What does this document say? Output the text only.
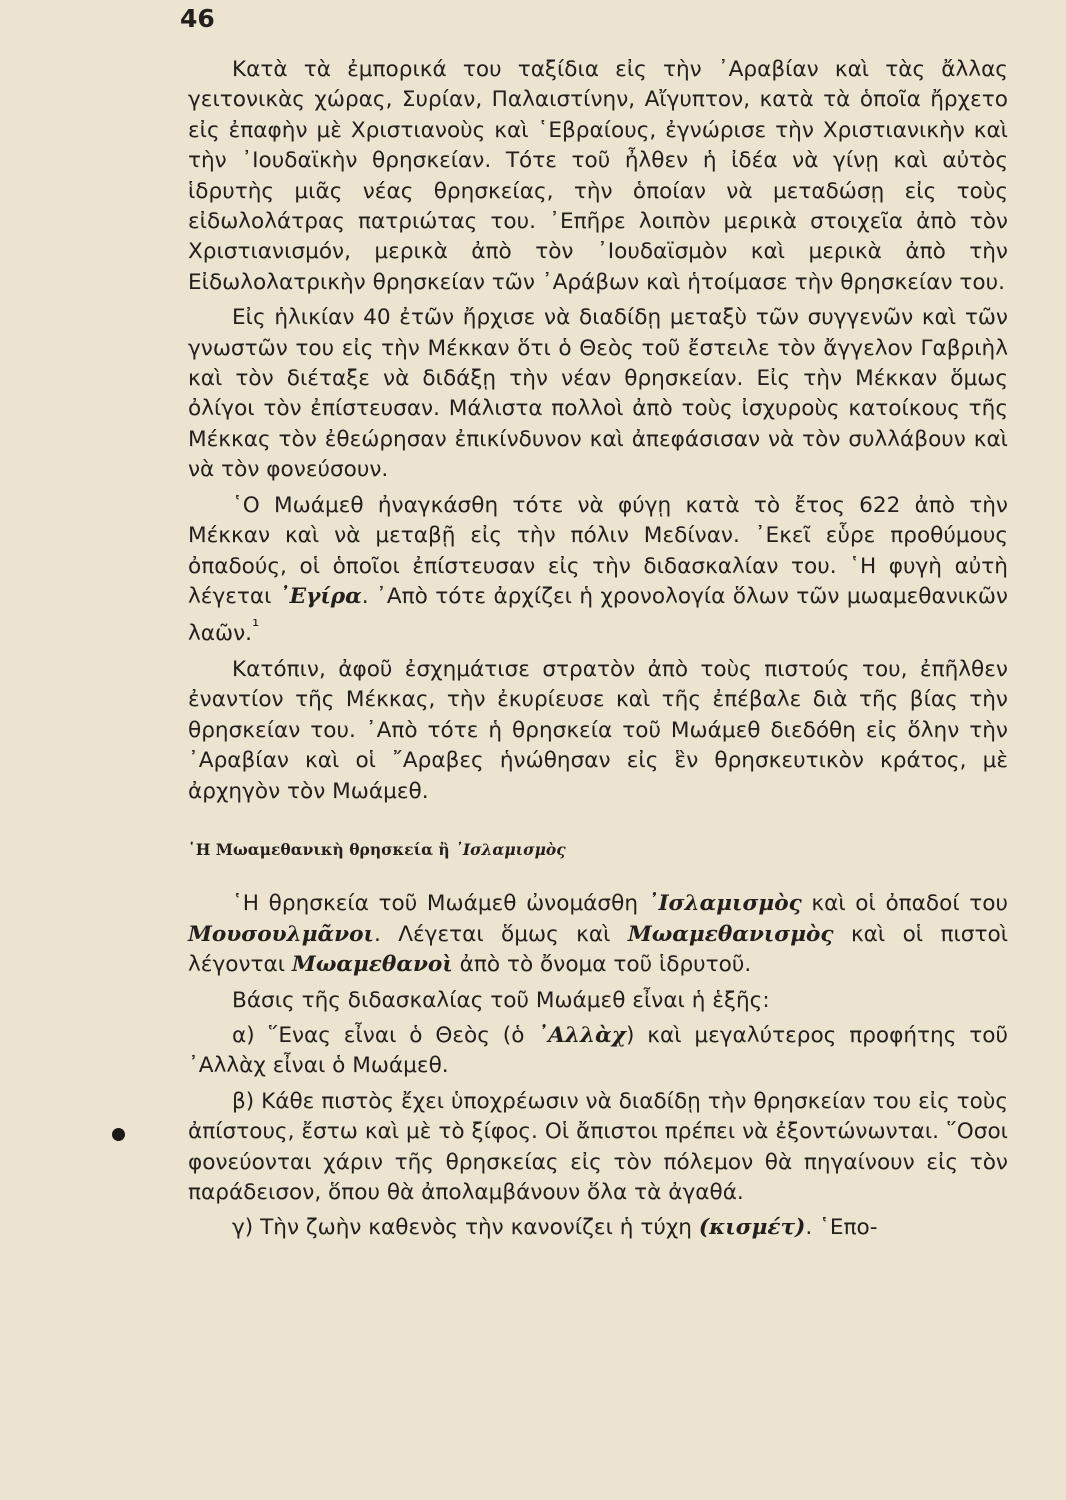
46

Κατὰ τὰ ἐμπορικά του ταξίδια εἰς τὴν ᾿Αραβίαν καὶ τὰς ἄλλας γειτονικὰς χώρας, Συρίαν, Παλαιστίνην, Αἴγυπτον, κατὰ τὰ ὁποῖα ἤρχετο εἰς ἐπαφὴν μὲ Χριστιανοὺς καὶ ῾Εβραίους, ἐγνώρισε τὴν Χριστιανικὴν καὶ τὴν ᾿Ιουδαϊκὴν θρησκείαν. Τότε τοῦ ἦλθεν ἡ ἰδέα νὰ γίνῃ καὶ αὐτὸς ἱδρυτὴς μιᾶς νέας θρησκείας, τὴν ὁποίαν νὰ μεταδώσῃ εἰς τοὺς εἰδωλολάτρας πατριώτας του. ᾿Επῆρε λοιπὸν μερικὰ στοιχεῖα ἀπὸ τὸν Χριστιανισμόν, μερικὰ ἀπὸ τὸν ᾿Ιουδαϊσμὸν καὶ μερικὰ ἀπὸ τὴν Εἰδωλολατρικὴν θρησκείαν τῶν ᾿Αράβων καὶ ἡτοίμασε τὴν θρησκείαν του.

Εἰς ἡλικίαν 40 ἐτῶν ἤρχισε νὰ διαδίδῃ μεταξὺ τῶν συγγενῶν καὶ τῶν γνωστῶν του εἰς τὴν Μέκκαν ὅτι ὁ Θεὸς τοῦ ἔστειλε τὸν ἄγγελον Γαβριὴλ καὶ τὸν διέταξε νὰ διδάξῃ τὴν νέαν θρησκείαν. Εἰς τὴν Μέκκαν ὅμως ὀλίγοι τὸν ἐπίστευσαν. Μάλιστα πολλοὶ ἀπὸ τοὺς ἰσχυροὺς κατοίκους τῆς Μέκκας τὸν ἐθεώρησαν ἐπικίνδυνον καὶ ἀπεφάσισαν νὰ τὸν συλλάβουν καὶ νὰ τὸν φονεύσουν.

῾Ο Μωάμεθ ἠναγκάσθη τότε νὰ φύγῃ κατὰ τὸ ἔτος 622 ἀπὸ τὴν Μέκκαν καὶ νὰ μεταβῇ εἰς τὴν πόλιν Μεδίναν. ᾿Εκεῖ εὗρε προθύμους ὀπαδούς, οἱ ὁποῖοι ἐπίστευσαν εἰς τὴν διδασκαλίαν του. ῾Η φυγὴ αὐτὴ λέγεται ᾿Εγίρα. ᾿Απὸ τότε ἀρχίζει ἡ χρονολογία ὅλων τῶν μωαμεθανικῶν λαῶν.$^{^1}$

Κατόπιν, ἀφοῦ ἐσχημάτισε στρατὸν ἀπὸ τοὺς πιστούς του, ἐπῆλθεν ἐναντίον τῆς Μέκκας, τὴν ἐκυρίευσε καὶ τῆς ἐπέβαλε διὰ τῆς βίας τὴν θρησκείαν του. ᾿Απὸ τότε ἡ θρησκεία τοῦ Μωάμεθ διεδόθη εἰς ὅλην τὴν ᾿Αραβίαν καὶ οἱ ῎Αραβες ἡνώθησαν εἰς ἓν θρησκευτικὸν κράτος, μὲ ἀρχηγὸν τὸν Μωάμεθ.

῾Η Μωαμεθανικὴ θρησκεία ἢ ᾿Ισλαμισμὸς

῾Η θρησκεία τοῦ Μωάμεθ ὠνομάσθη ᾿Ισλαμισμὸς καὶ οἱ ὀπαδοί του Μουσουλμᾶνοι. Λέγεται ὅμως καὶ Μωαμεθανισμὸς καὶ οἱ πιστοὶ λέγονται Μωαμεθανοὶ ἀπὸ τὸ ὄνομα τοῦ ἱδρυτοῦ.

Βάσις τῆς διδασκαλίας τοῦ Μωάμεθ εἶναι ἡ ἑξῆς:

α) ῞Ενας εἶναι ὁ Θεὸς (ὁ ᾿Αλλὰχ) καὶ μεγαλύτερος προφήτης τοῦ ᾿Αλλὰχ εἶναι ὁ Μωάμεθ.

β) Κάθε πιστὸς ἔχει ὑποχρέωσιν νὰ διαδίδῃ τὴν θρησκείαν του εἰς τοὺς ἀπίστους, ἔστω καὶ μὲ τὸ ξίφος. Οἱ ἄπιστοι πρέπει νὰ ἐξοντώνωνται. ῞Οσοι φονεύονται χάριν τῆς θρησκείας εἰς τὸν πόλεμον θὰ πηγαίνουν εἰς τὸν παράδεισον, ὅπου θὰ ἀπολαμβάνουν ὅλα τὰ ἀγαθά.

γ) Τὴν ζωὴν καθενὸς τὴν κανονίζει ἡ τύχη (κισμέτ). ῾Επο-
